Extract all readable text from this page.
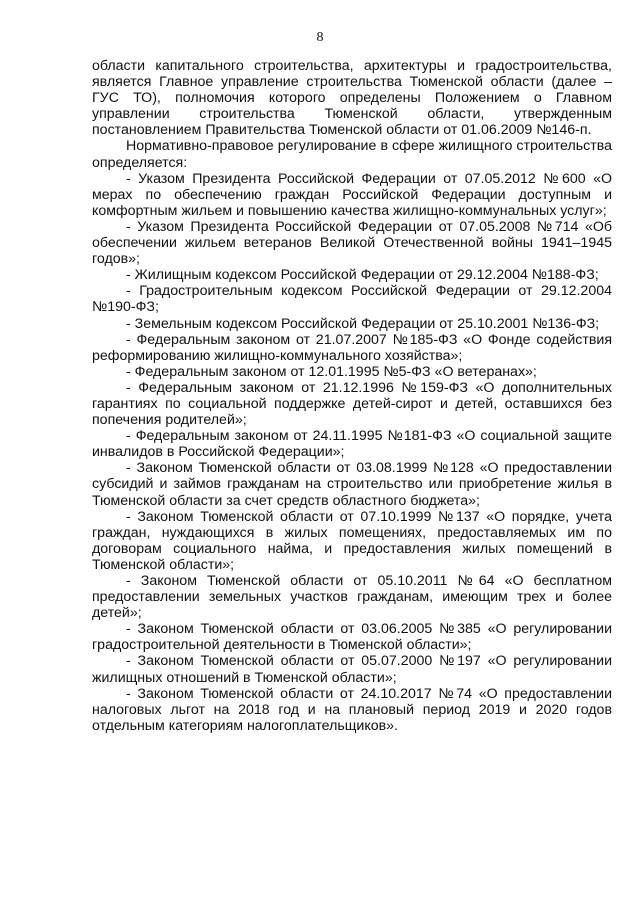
8

области капитального строительства, архитектуры и градостроительства, является Главное управление строительства Тюменской области (далее – ГУС ТО), полномочия которого определены Положением о Главном управлении строительства Тюменской области, утвержденным постановлением Правительства Тюменской области от 01.06.2009 №146-п.

Нормативно-правовое регулирование в сфере жилищного строительства определяется:

- Указом Президента Российской Федерации от 07.05.2012 №600 «О мерах по обеспечению граждан Российской Федерации доступным и комфортным жильем и повышению качества жилищно-коммунальных услуг»;

- Указом Президента Российской Федерации от 07.05.2008 №714 «Об обеспечении жильем ветеранов Великой Отечественной войны 1941–1945 годов»;

- Жилищным кодексом Российской Федерации от 29.12.2004 №188-ФЗ;

- Градостроительным кодексом Российской Федерации от 29.12.2004 №190-ФЗ;

- Земельным кодексом Российской Федерации от 25.10.2001 №136-ФЗ;

- Федеральным законом от 21.07.2007 №185-ФЗ «О Фонде содействия реформированию жилищно-коммунального хозяйства»;

- Федеральным законом от 12.01.1995 №5-ФЗ «О ветеранах»;

- Федеральным законом от 21.12.1996 №159-ФЗ «О дополнительных гарантиях по социальной поддержке детей-сирот и детей, оставшихся без попечения родителей»;

- Федеральным законом от 24.11.1995 №181-ФЗ «О социальной защите инвалидов в Российской Федерации»;

- Законом Тюменской области от 03.08.1999 №128 «О предоставлении субсидий и займов гражданам на строительство или приобретение жилья в Тюменской области за счет средств областного бюджета»;

- Законом Тюменской области от 07.10.1999 №137 «О порядке, учета граждан, нуждающихся в жилых помещениях, предоставляемых им по договорам социального найма, и предоставления жилых помещений в Тюменской области»;

- Законом Тюменской области от 05.10.2011 №64 «О бесплатном предоставлении земельных участков гражданам, имеющим трех и более детей»;

- Законом Тюменской области от 03.06.2005 №385 «О регулировании градостроительной деятельности в Тюменской области»;

- Законом Тюменской области от 05.07.2000 №197 «О регулировании жилищных отношений в Тюменской области»;

- Законом Тюменской области от 24.10.2017 №74 «О предоставлении налоговых льгот на 2018 год и на плановый период 2019 и 2020 годов отдельным категориям налогоплательщиков».
